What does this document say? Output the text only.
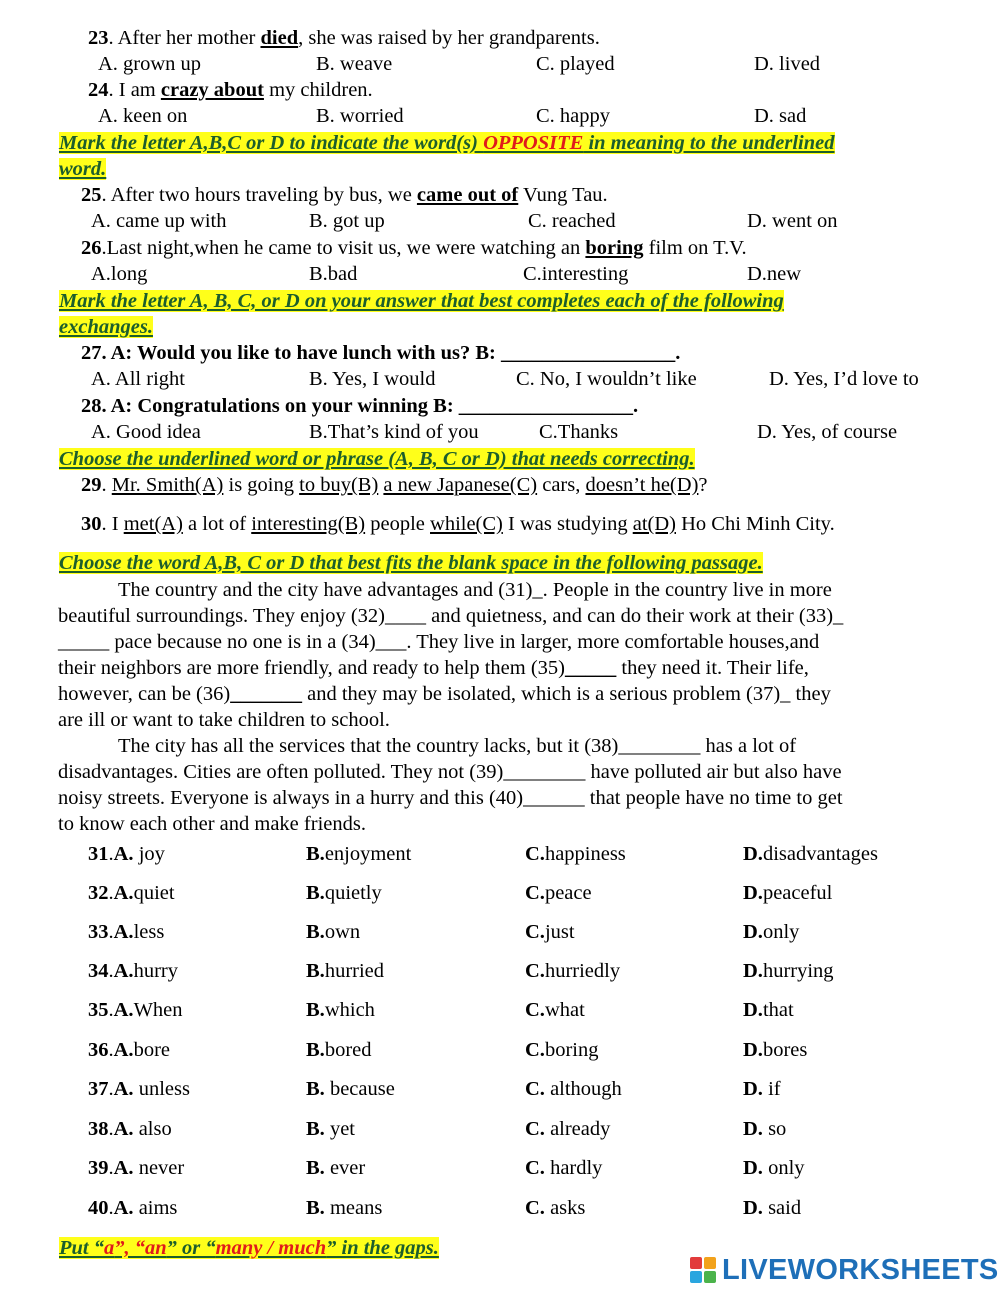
23. After her mother died, she was raised by her grandparents.
A. grown up	B. weave	C. played	D. lived
24. I am crazy about my children.
A. keen on	B. worried	C. happy	D. sad
Mark the letter A,B,C or D to indicate the word(s) OPPOSITE in meaning to the underlined
word.
25. After two hours traveling by bus, we came out of Vung Tau.
A. came up with	B. got up	C. reached	D. went on
26.Last night,when he came to visit us, we were watching an boring film on T.V.
A.long	B.bad	C.interesting	D.new
Mark the letter A, B, C, or D on your answer that best completes each of the following
exchanges.
27. A: Would you like to have lunch with us? B: _________________.
A. All right	B. Yes, I would	C. No, I wouldn’t like	D. Yes, I’d love to
28. A: Congratulations on your winning B: _________________.
A. Good idea	B.That’s kind of you	C.Thanks	D. Yes, of course
Choose the underlined word or phrase (A, B, C or D) that needs correcting.
29. Mr. Smith(A) is going to buy(B) a new Japanese(C) cars, doesn’t he(D)?
30. I met(A) a lot of interesting(B) people while(C) I was studying at(D) Ho Chi Minh City.
Choose the word A,B, C or D that best fits the blank space in the following passage.
The country and the city have advantages and (31)_. People in the country live in more
beautiful surroundings. They enjoy (32)____ and quietness, and can do their work at their (33)_
_____ pace because no one is in a (34)___. They live in larger, more comfortable houses,and
their neighbors are more friendly, and ready to help them (35)_____ they need it. Their life,
however, can be (36)_______ and they may be isolated, which is a serious problem (37)_ they
are ill or want to take children to school.
The city has all the services that the country lacks, but it (38)________ has a lot of
disadvantages. Cities are often polluted. They not (39)________ have polluted air but also have
noisy streets. Everyone is always in a hurry and this (40)______ that people have no time to get
to know each other and make friends.
31.A. joy	B.enjoyment	C.happiness	D.disadvantages
32.A.quiet	B.quietly	C.peace	D.peaceful
33.A.less	B.own	C.just	D.only
34.A.hurry	B.hurried	C.hurriedly	D.hurrying
35.A.When	B.which	C.what	D.that
36.A.bore	B.bored	C.boring	D.bores
37.A. unless	B. because	C. although	D. if
38.A. also	B. yet	C. already	D. so
39.A. never	B. ever	C. hardly	D. only
40.A. aims	B. means	C. asks	D. said
Put “a”, “an” or “many / much” in the gaps.
LIVEWORKSHEETS
